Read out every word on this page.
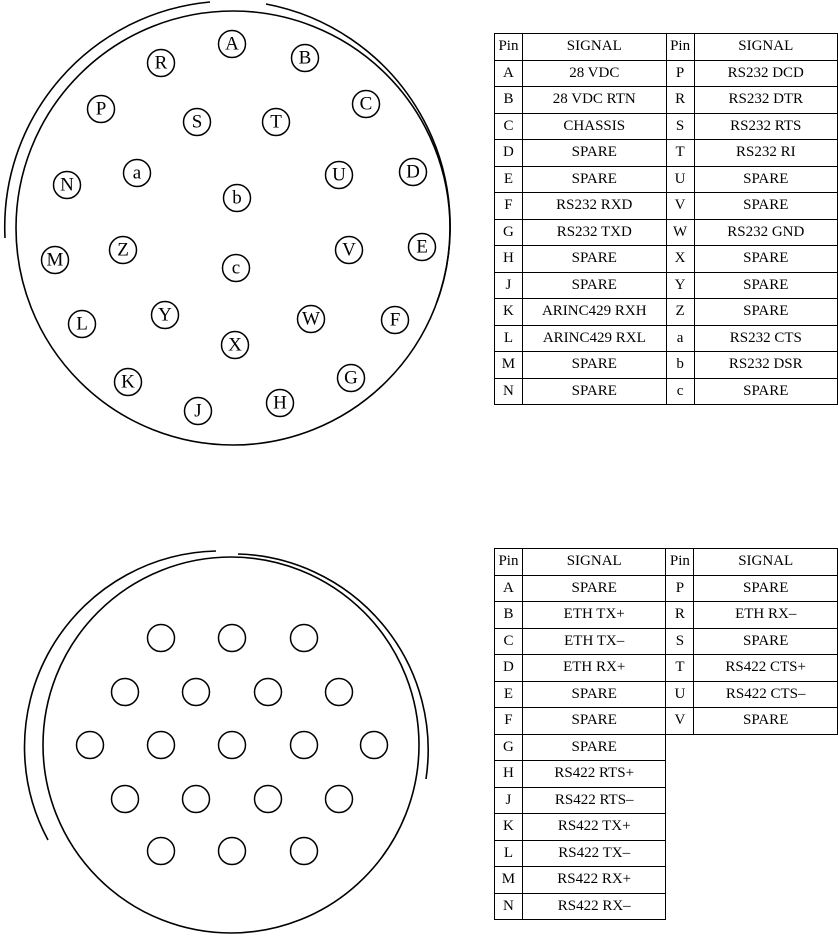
A
B
C
D
E
F
G
H
J
K
L
M
N
P
R
S	T
U
V
W
X
Y
Z
a
b
c
Pin	SIGNAL	Pin	SIGNAL
A	28 VDC	P	RS232 DCD
B	28 VDC RTN	R	RS232 DTR
C	CHASSIS	S	RS232 RTS
D	SPARE	T	RS232 RI
E	SPARE	U	SPARE
F	RS232 RXD	V	SPARE
G	RS232 TXD	W	RS232 GND
H	SPARE	X	SPARE
J	SPARE	Y	SPARE
K	ARINC429 RXH	Z	SPARE
L	ARINC429 RXL	a	RS232 CTS
M	SPARE	b	RS232 DSR
N	SPARE	c	SPARE
Pin	SIGNAL	Pin	SIGNAL
A	SPARE	P	SPARE
B	ETH TX+	R	ETH RX–
C	ETH TX–	S	SPARE
D	ETH RX+	T	RS422 CTS+
E	SPARE	U	RS422 CTS–
F	SPARE	V	SPARE
G	SPARE		
H	RS422 RTS+		
J	RS422 RTS–		
K	RS422 TX+		
L	RS422 TX–		
M	RS422 RX+		
N	RS422 RX–		
